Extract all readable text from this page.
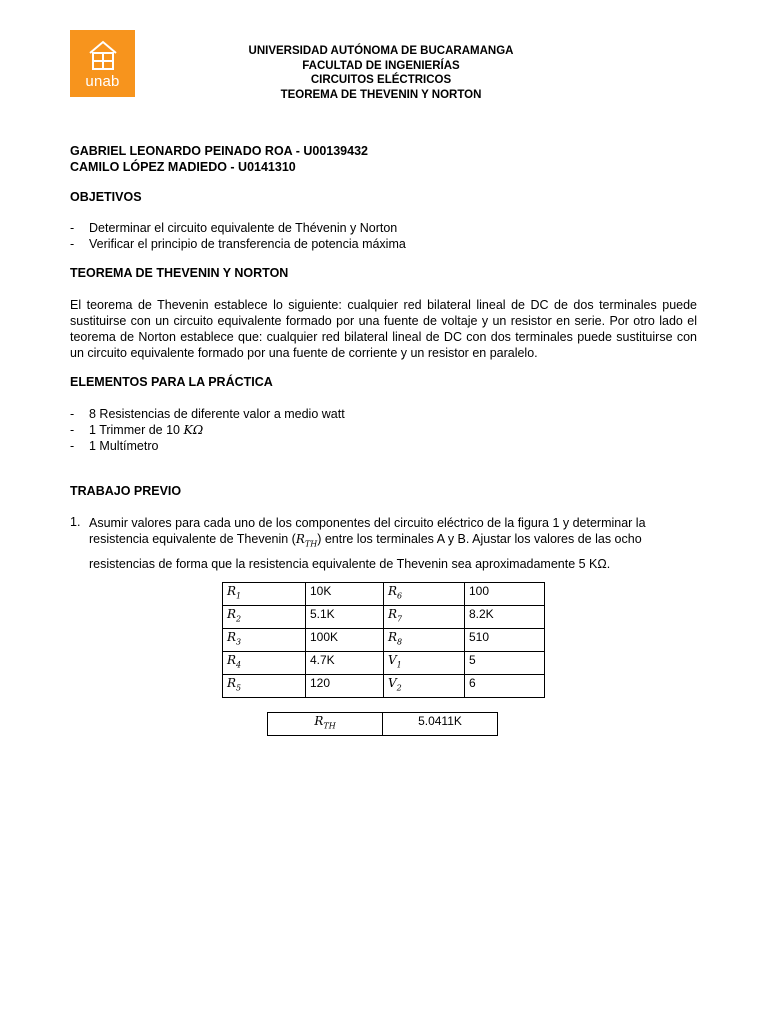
unab
UNIVERSIDAD AUTÓNOMA DE BUCARAMANGA
FACULTAD DE INGENIERÍAS
CIRCUITOS ELÉCTRICOS
TEOREMA DE THEVENIN Y NORTON
GABRIEL LEONARDO PEINADO ROA - U00139432
CAMILO LÓPEZ MADIEDO - U0141310
OBJETIVOS
- Determinar el circuito equivalente de Thévenin y Norton
- Verificar el principio de transferencia de potencia máxima
TEOREMA DE THEVENIN Y NORTON
El teorema de Thevenin establece lo siguiente: cualquier red bilateral lineal de DC de dos terminales puede sustituirse con un circuito equivalente formado por una fuente de voltaje y un resistor en serie. Por otro lado el teorema de Norton establece que: cualquier red bilateral lineal de DC con dos terminales puede sustituirse con un circuito equivalente formado por una fuente de corriente y un resistor en paralelo.
ELEMENTOS PARA LA PRÁCTICA
- 8 Resistencias de diferente valor a medio watt
- 1 Trimmer de 10 KΩ
- 1 Multímetro
TRABAJO PREVIO
1. Asumir valores para cada uno de los componentes del circuito eléctrico de la figura 1 y determinar la
resistencia equivalente de Thevenin $(R_{TH})$ entre los terminales A y B. Ajustar los valores de las ocho
resistencias de forma que la resistencia equivalente de Thevenin sea aproximadamente 5 KΩ.
$R_1$	10K	$R_6$	100
$R_2$	5.1K	$R_7$	8.2K
$R_3$	100K	$R_8$	510
$R_4$	4.7K	$V_1$	5
$R_5$	120	$V_2$	6
$R_{TH}$	5.0411K
